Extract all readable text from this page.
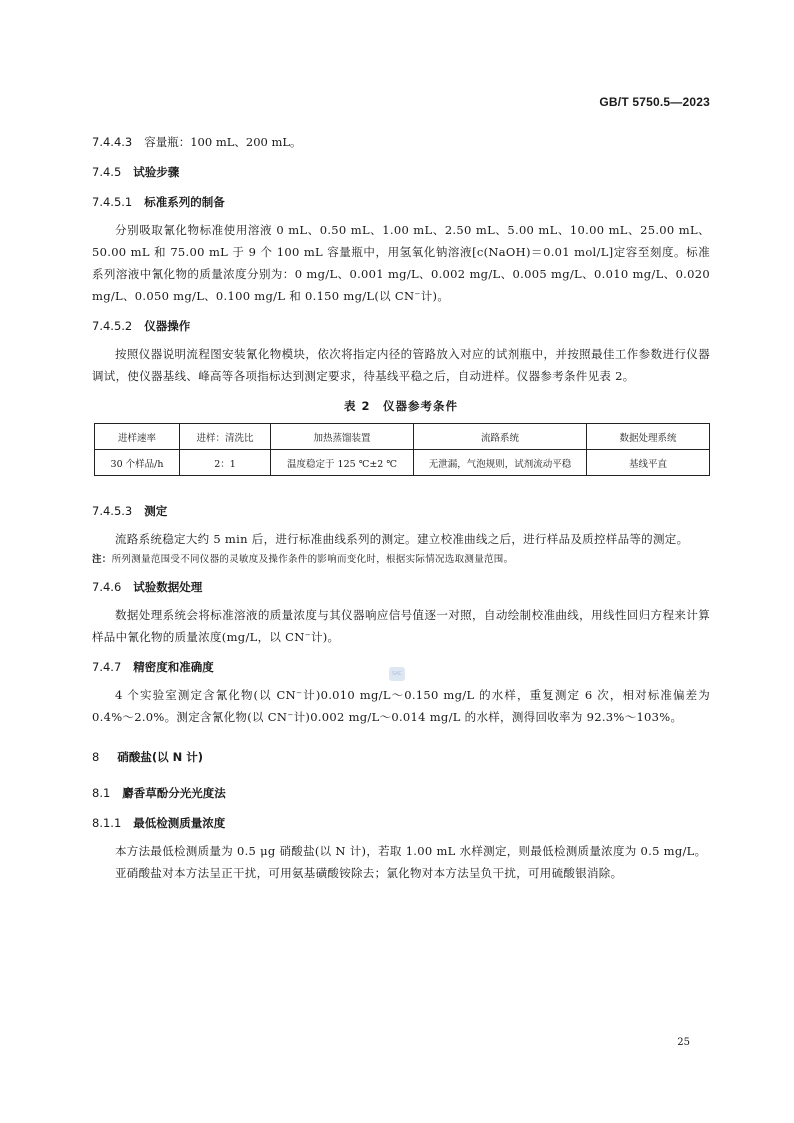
GB/T 5750.5—2023
7.4.4.3 容量瓶：100 mL、200 mL。
7.4.5 试验步骤
7.4.5.1 标准系列的制备

分别吸取氰化物标准使用溶液 0 mL、0.50 mL、1.00 mL、2.50 mL、5.00 mL、10.00 mL、25.00 mL、50.00 mL 和 75.00 mL 于 9 个 100 mL 容量瓶中，用氢氧化钠溶液[c(NaOH)＝0.01 mol/L]定容至刻度。标准系列溶液中氰化物的质量浓度分别为：0 mg/L、0.001 mg/L、0.002 mg/L、0.005 mg/L、0.010 mg/L、0.020 mg/L、0.050 mg/L、0.100 mg/L 和 0.150 mg/L(以 CN⁻计)。

7.4.5.2 仪器操作

按照仪器说明流程图安装氰化物模块，依次将指定内径的管路放入对应的试剂瓶中，并按照最佳工作参数进行仪器调试，使仪器基线、峰高等各项指标达到测定要求，待基线平稳之后，自动进样。仪器参考条件见表 2。

表 2　仪器参考条件
进样速率	进样：清洗比	加热蒸馏装置	流路系统	数据处理系统
30 个样品/h	2：1	温度稳定于 125 ℃±2 ℃	无泄漏，气泡规则，试剂流动平稳	基线平直
7.4.5.3 测定

流路系统稳定大约 5 min 后，进行标准曲线系列的测定。建立校准曲线之后，进行样品及质控样品等的测定。

注：所列测量范围受不同仪器的灵敏度及操作条件的影响而变化时，根据实际情况选取测量范围。

7.4.6 试验数据处理

数据处理系统会将标准溶液的质量浓度与其仪器响应信号值逐一对照，自动绘制校准曲线，用线性回归方程来计算样品中氰化物的质量浓度(mg/L，以 CN⁻计)。

7.4.7 精密度和准确度

4 个实验室测定含氰化物(以 CN⁻计)0.010 mg/L～0.150 mg/L 的水样，重复测定 6 次，相对标准偏差为 0.4%～2.0%。测定含氰化物(以 CN⁻计)0.002 mg/L～0.014 mg/L 的水样，测得回收率为 92.3%～103%。

8 硝酸盐(以 N 计)
8.1 麝香草酚分光光度法
8.1.1 最低检测质量浓度

本方法最低检测质量为 0.5 μg 硝酸盐(以 N 计)，若取 1.00 mL 水样测定，则最低检测质量浓度为 0.5 mg/L。

亚硝酸盐对本方法呈正干扰，可用氨基磺酸铵除去；氯化物对本方法呈负干扰，可用硫酸银消除。

SAC
25
